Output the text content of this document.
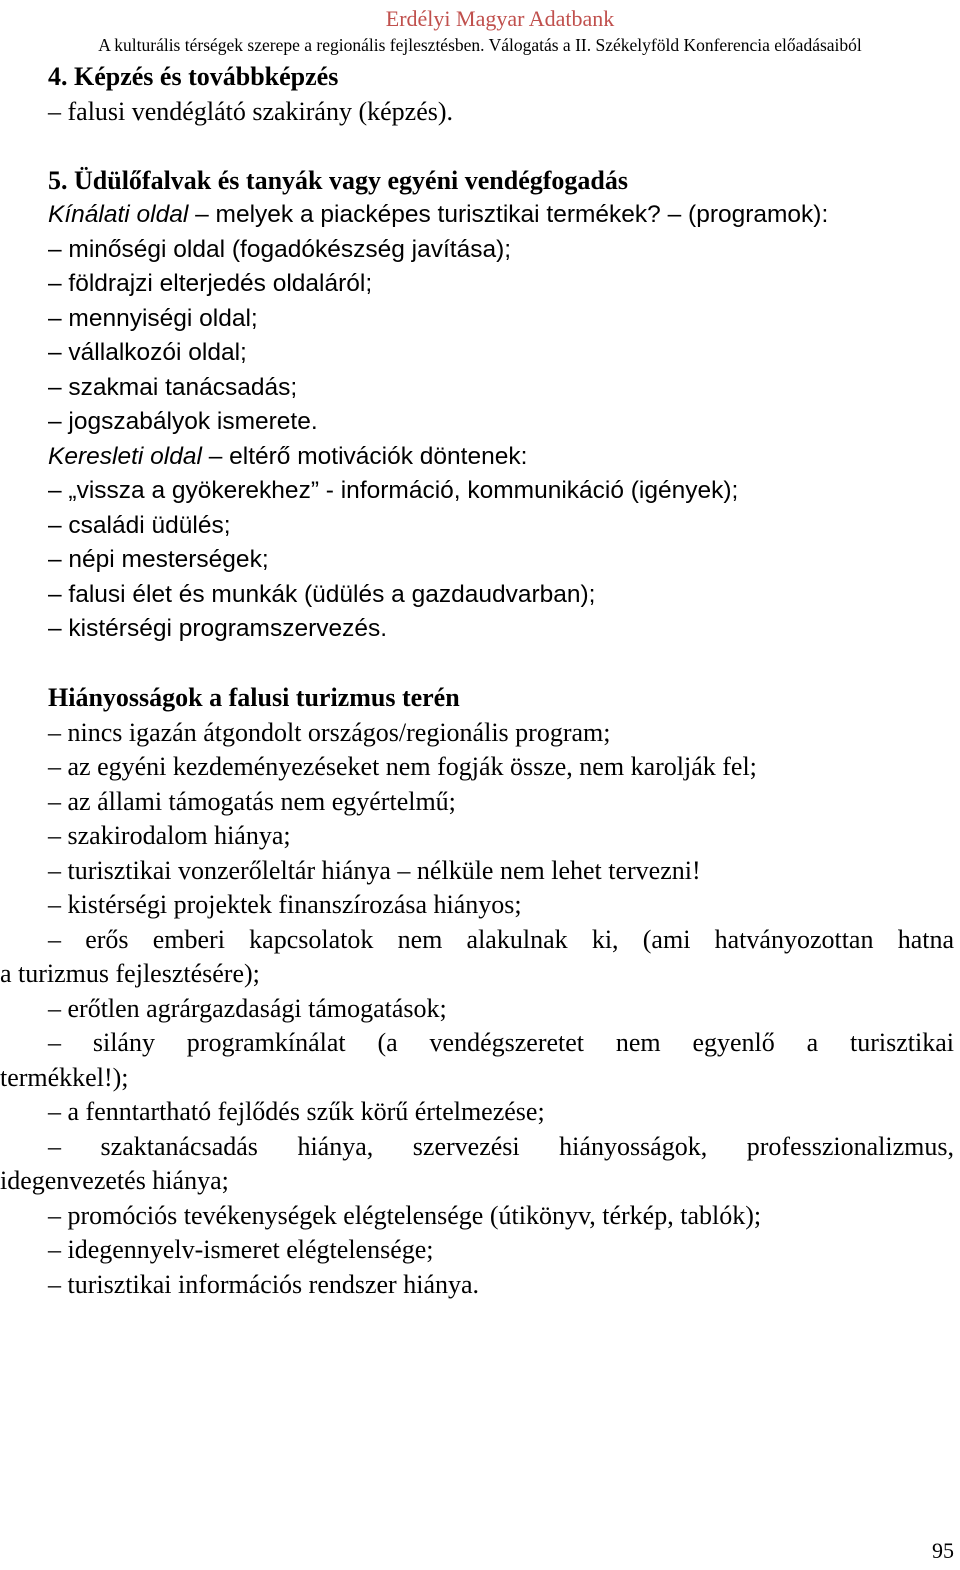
Erdélyi Magyar Adatbank
A kulturális térségek szerepe a regionális fejlesztésben. Válogatás a II. Székelyföld Konferencia előadásaiból
4. Képzés és továbbképzés
– falusi vendéglátó szakirány (képzés).
5. Üdülőfalvak és tanyák vagy egyéni vendégfogadás
Kínálati oldal – melyek a piacképes turisztikai termékek? – (programok):
– minőségi oldal (fogadókészség javítása);
– földrajzi elterjedés oldaláról;
– mennyiségi oldal;
– vállalkozói oldal;
– szakmai tanácsadás;
– jogszabályok ismerete.
Keresleti oldal – eltérő motivációk döntenek:
– „vissza a gyökerekhez” - információ, kommunikáció (igények);
– családi üdülés;
– népi mesterségek;
– falusi élet és munkák (üdülés a gazdaudvarban);
– kistérségi programszervezés.
Hiányosságok a falusi turizmus terén
– nincs igazán átgondolt országos/regionális program;
– az egyéni kezdeményezéseket nem fogják össze, nem karolják fel;
– az állami támogatás nem egyértelmű;
– szakirodalom hiánya;
– turisztikai vonzerőleltár hiánya – nélküle nem lehet tervezni!
– kistérségi projektek finanszírozása hiányos;
– erős emberi kapcsolatok nem alakulnak ki, (ami hatványozottan hatna
a turizmus fejlesztésére);
– erőtlen agrárgazdasági támogatások;
– silány programkínálat (a vendégszeretet nem egyenlő a turisztikai
termékkel!);
– a fenntartható fejlődés szűk körű értelmezése;
– szaktanácsadás hiánya, szervezési hiányosságok, professzionalizmus,
idegenvezetés hiánya;
– promóciós tevékenységek elégtelensége (útikönyv, térkép, tablók);
– idegennyelv-ismeret elégtelensége;
– turisztikai információs rendszer hiánya.
95
